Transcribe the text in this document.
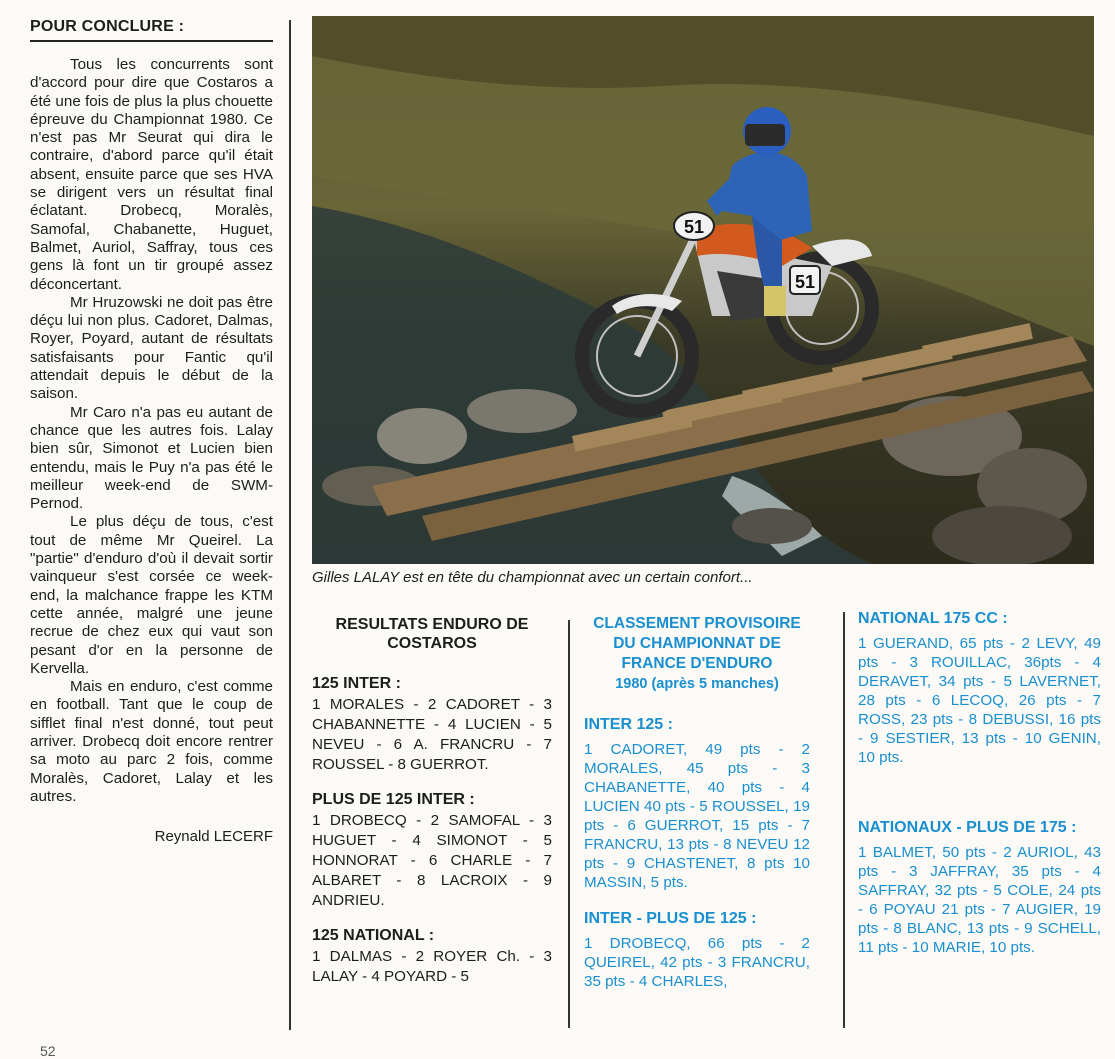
POUR CONCLURE :

Tous les concurrents sont d'accord pour dire que Costaros a été une fois de plus la plus chouette épreuve du Championnat 1980. Ce n'est pas Mr Seurat qui dira le contraire, d'abord parce qu'il était absent, ensuite parce que ses HVA se dirigent vers un résultat final éclatant. Drobecq, Moralès, Samofal, Chabanette, Huguet, Balmet, Auriol, Saffray, tous ces gens là font un tir groupé assez déconcertant.

Mr Hruzowski ne doit pas être déçu lui non plus. Cadoret, Dalmas, Royer, Poyard, autant de résultats satisfaisants pour Fantic qu'il attendait depuis le début de la saison.

Mr Caro n'a pas eu autant de chance que les autres fois. Lalay bien sûr, Simonot et Lucien bien entendu, mais le Puy n'a pas été le meilleur week-end de SWM-Pernod.

Le plus déçu de tous, c'est tout de même Mr Queirel. La "partie" d'enduro d'où il devait sortir vainqueur s'est corsée ce week-end, la malchance frappe les KTM cette année, malgré une jeune recrue de chez eux qui vaut son pesant d'or en la personne de Kervella.

Mais en enduro, c'est comme en football. Tant que le coup de sifflet final n'est donné, tout peut arriver. Drobecq doit encore rentrer sa moto au parc 2 fois, comme Moralès, Cadoret, Lalay et les autres.

Reynald LECERF
51
51
Gilles LALAY est en tête du championnat avec un certain confort...
RESULTATS ENDURO DE COSTAROS
125 INTER :
1 MORALES - 2 CADORET - 3 CHABANNETTE - 4 LUCIEN - 5 NEVEU - 6 A. FRANCRU - 7 ROUSSEL - 8 GUERROT.
PLUS DE 125 INTER :
1 DROBECQ - 2 SAMOFAL - 3 HUGUET - 4 SIMONOT - 5 HONNORAT - 6 CHARLE - 7 ALBARET - 8 LACROIX - 9 ANDRIEU.
125 NATIONAL :
1 DALMAS - 2 ROYER Ch. - 3 LALAY - 4 POYARD - 5
CLASSEMENT PROVISOIRE DU CHAMPIONNAT DE FRANCE D'ENDURO
1980 (après 5 manches)
INTER 125 :
1 CADORET, 49 pts - 2 MORALES, 45 pts - 3 CHABANETTE, 40 pts - 4 LUCIEN 40 pts - 5 ROUSSEL, 19 pts - 6 GUERROT, 15 pts - 7 FRANCRU, 13 pts - 8 NEVEU 12 pts - 9 CHASTENET, 8 pts 10 MASSIN, 5 pts.
INTER - PLUS DE 125 :
1 DROBECQ, 66 pts - 2 QUEIREL, 42 pts - 3 FRANCRU, 35 pts - 4 CHARLES,
NATIONAL 175 CC :
1 GUERAND, 65 pts - 2 LEVY, 49 pts - 3 ROUILLAC, 36pts - 4 DERAVET, 34 pts - 5 LAVERNET, 28 pts - 6 LECOQ, 26 pts - 7 ROSS, 23 pts - 8 DEBUSSI, 16 pts - 9 SESTIER, 13 pts - 10 GENIN, 10 pts.
NATIONAUX - PLUS DE 175 :
1 BALMET, 50 pts - 2 AURIOL, 43 pts - 3 JAFFRAY, 35 pts - 4 SAFFRAY, 32 pts - 5 COLE, 24 pts - 6 POYAU 21 pts - 7 AUGIER, 19 pts - 8 BLANC, 13 pts - 9 SCHELL, 11 pts - 10 MARIE, 10 pts.
52
